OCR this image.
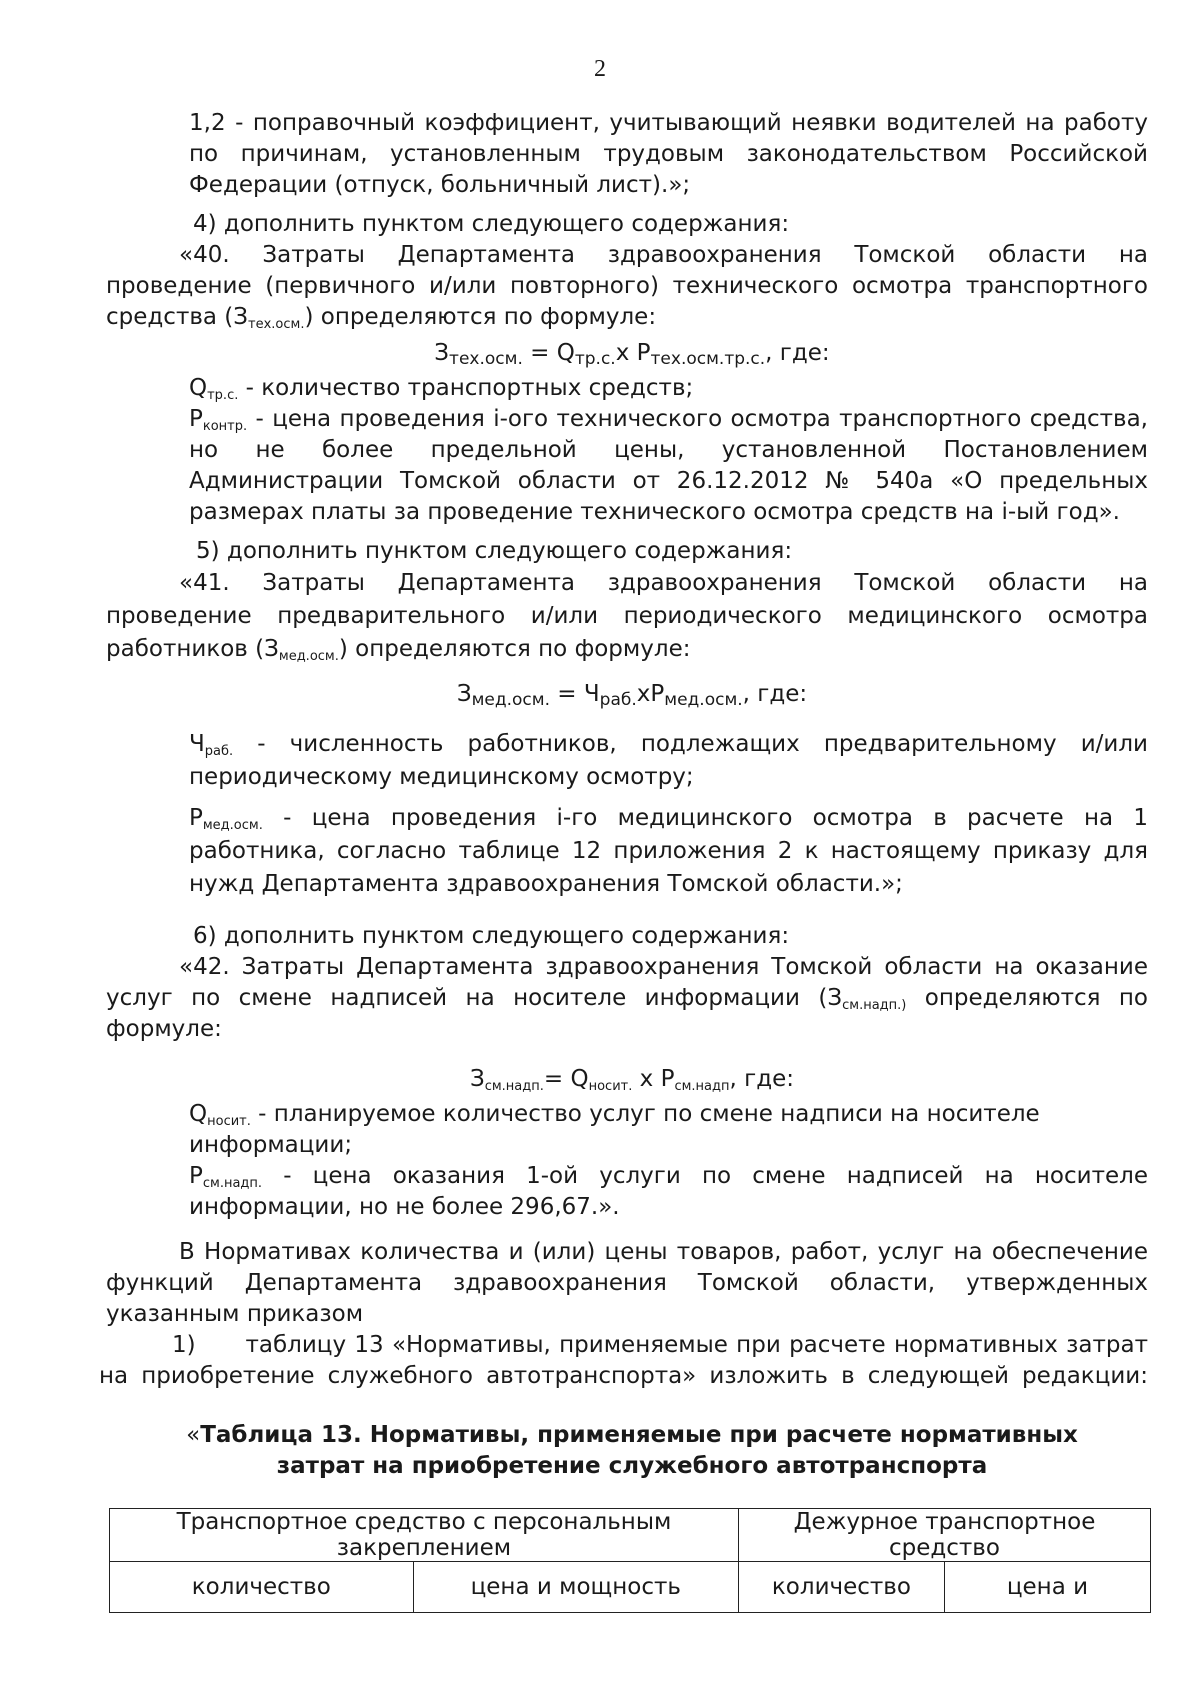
2

1,2 - поправочный коэффициент, учитывающий неявки водителей на работу по причинам, установленным трудовым законодательством Российской Федерации (отпуск, больничный лист).»;

4) дополнить пунктом следующего содержания:

«40. Затраты Департамента здравоохранения Томской области на проведение (первичного и/или повторного) технического осмотра транспортного средства $(З_{тех.осм.})$ определяются по формуле:

$З_{тех.осм.} = Q_{тр.с.}х$ $P_{тех.осм.тр.с.}$, где:

$Q_{тр.с.}$ - количество транспортных средств;

$P_{контр.}$ - цена проведения i-ого технического осмотра транспортного средства, но не более предельной цены, установленной Постановлением Администрации Томской области от 26.12.2012 № 540а «О предельных размерах платы за проведение технического осмотра средств на i-ый год».

5) дополнить пунктом следующего содержания:

«41. Затраты Департамента здравоохранения Томской области на проведение предварительного и/или периодического медицинского осмотра работников $(З_{мед.осм.})$ определяются по формуле:

$З_{мед.осм.} = Ч_{раб.}хP_{мед.осм.}$, где:

$Ч_{раб.}$ - численность работников, подлежащих предварительному и/или периодическому медицинскому осмотру;

$P_{мед.осм.}$ - цена проведения i-го медицинского осмотра в расчете на 1 работника, согласно таблице 12 приложения 2 к настоящему приказу для нужд Департамента здравоохранения Томской области.»;

6) дополнить пунктом следующего содержания:

«42. Затраты Департамента здравоохранения Томской области на оказание услуг по смене надписей на носителе информации ($З_{см.надп.)}$ определяются по формуле:

$З_{см.надп.}= Q_{носит.}$ х $P_{см.надп}$, где:

$Q_{носит.}$ - планируемое количество услуг по смене надписи на носителе информации;

$P_{см.надп.}$ - цена оказания 1-ой услуги по смене надписей на носителе информации, но не более 296,67.».

В Нормативах количества и (или) цены товаров, работ, услуг на обеспечение функций Департамента здравоохранения Томской области, утвержденных указанным приказом

1) таблицу 13 «Нормативы, применяемые при расчете нормативных затрат на приобретение служебного автотранспорта» изложить в следующей редакции:

«Таблица 13. Нормативы, применяемые при расчете нормативных
затрат на приобретение служебного автотранспорта
Транспортное средство с персональным закреплением		Дежурное транспортное средство	
количество	цена и мощность	количество	цена и
